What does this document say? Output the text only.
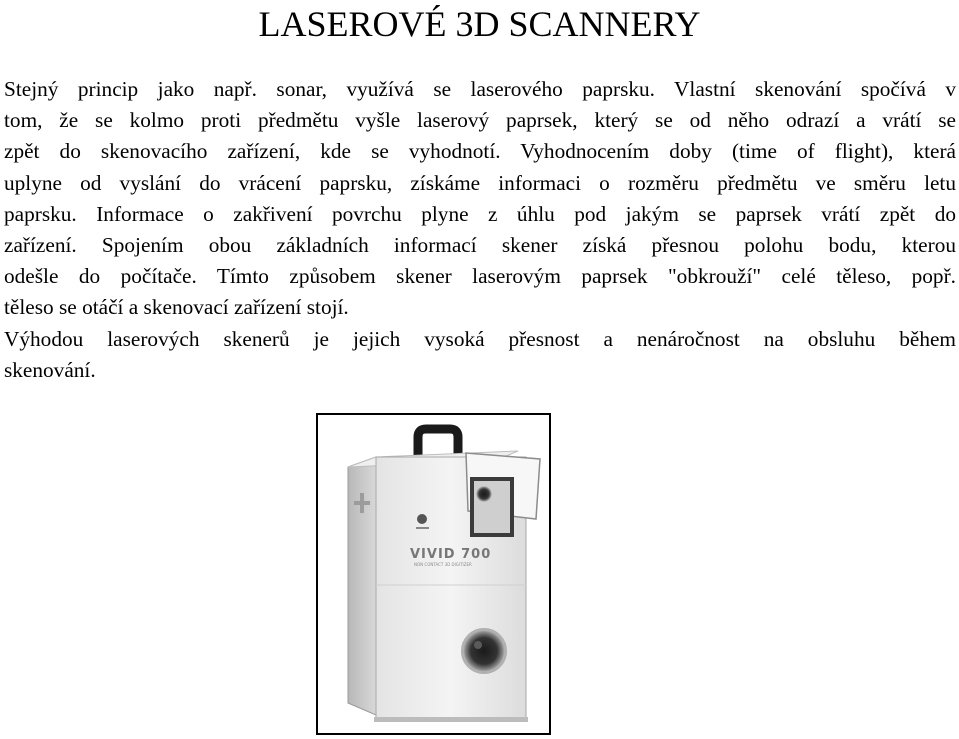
LASEROVÉ 3D SCANNERY
Stejný princip jako např. sonar, využívá se laserového paprsku. Vlastní skenování spočívá v
tom, že se kolmo proti předmětu vyšle laserový paprsek, který se od něho odrazí a vrátí se
zpět do skenovacího zařízení, kde se vyhodnotí. Vyhodnocením doby (time of flight), která
uplyne od vyslání do vrácení paprsku, získáme informaci o rozměru předmětu ve směru letu
paprsku. Informace o zakřivení povrchu plyne z úhlu pod jakým se paprsek vrátí zpět do
zařízení. Spojením obou základních informací skener získá přesnou polohu bodu, kterou
odešle do počítače. Tímto způsobem skener laserovým paprsek "obkrouží" celé těleso, popř.
těleso se otáčí a skenovací zařízení stojí.
Výhodou laserových skenerů je jejich vysoká přesnost a nenáročnost na obsluhu během
skenování.
VIVID 700
NON CONTACT 3D DIGITIZER
